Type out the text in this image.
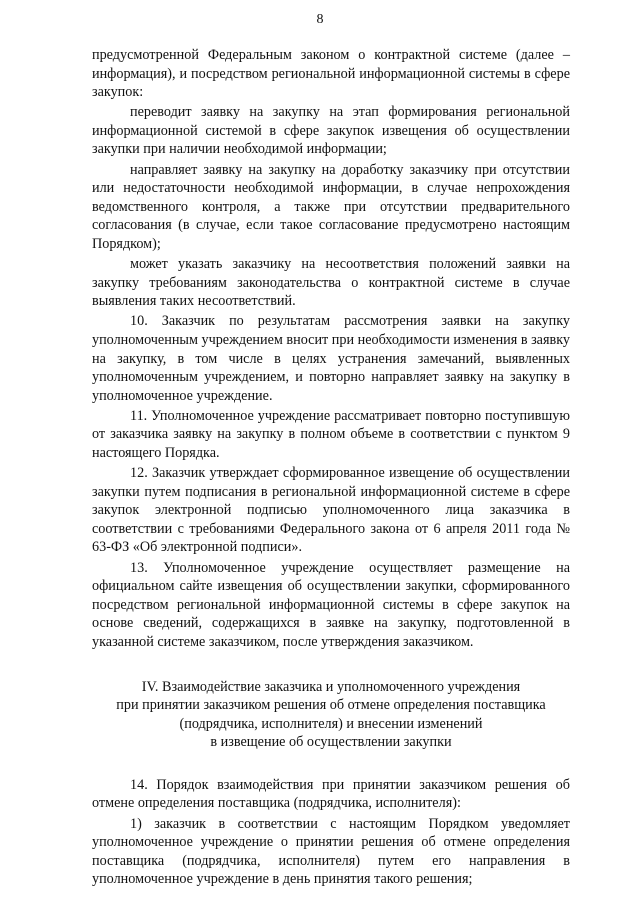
8

предусмотренной Федеральным законом о контрактной системе (далее – информация), и посредством региональной информационной системы в сфере закупок:

переводит заявку на закупку на этап формирования региональной информационной системой в сфере закупок извещения об осуществлении закупки при наличии необходимой информации;

направляет заявку на закупку на доработку заказчику при отсутствии или недостаточности необходимой информации, в случае непрохождения ведомственного контроля, а также при отсутствии предварительного согласования (в случае, если такое согласование предусмотрено настоящим Порядком);

может указать заказчику на несоответствия положений заявки на закупку требованиям законодательства о контрактной системе в случае выявления таких несоответствий.

10. Заказчик по результатам рассмотрения заявки на закупку уполномоченным учреждением вносит при необходимости изменения в заявку на закупку, в том числе в целях устранения замечаний, выявленных уполномоченным учреждением, и повторно направляет заявку на закупку в уполномоченное учреждение.

11. Уполномоченное учреждение рассматривает повторно поступившую от заказчика заявку на закупку в полном объеме в соответствии с пунктом 9 настоящего Порядка.

12. Заказчик утверждает сформированное извещение об осуществлении закупки путем подписания в региональной информационной системе в сфере закупок электронной подписью уполномоченного лица заказчика в соответствии с требованиями Федерального закона от 6 апреля 2011 года № 63-ФЗ «Об электронной подписи».

13. Уполномоченное учреждение осуществляет размещение на официальном сайте извещения об осуществлении закупки, сформированного посредством региональной информационной системы в сфере закупок на основе сведений, содержащихся в заявке на закупку, подготовленной в указанной системе заказчиком, после утверждения заказчиком.

IV. Взаимодействие заказчика и уполномоченного учреждения
при принятии заказчиком решения об отмене определения поставщика
(подрядчика, исполнителя) и внесении изменений
в извещение об осуществлении закупки

14. Порядок взаимодействия при принятии заказчиком решения об отмене определения поставщика (подрядчика, исполнителя):

1) заказчик в соответствии с настоящим Порядком уведомляет уполномоченное учреждение о принятии решения об отмене определения поставщика (подрядчика, исполнителя) путем его направления в уполномоченное учреждение в день принятия такого решения;
